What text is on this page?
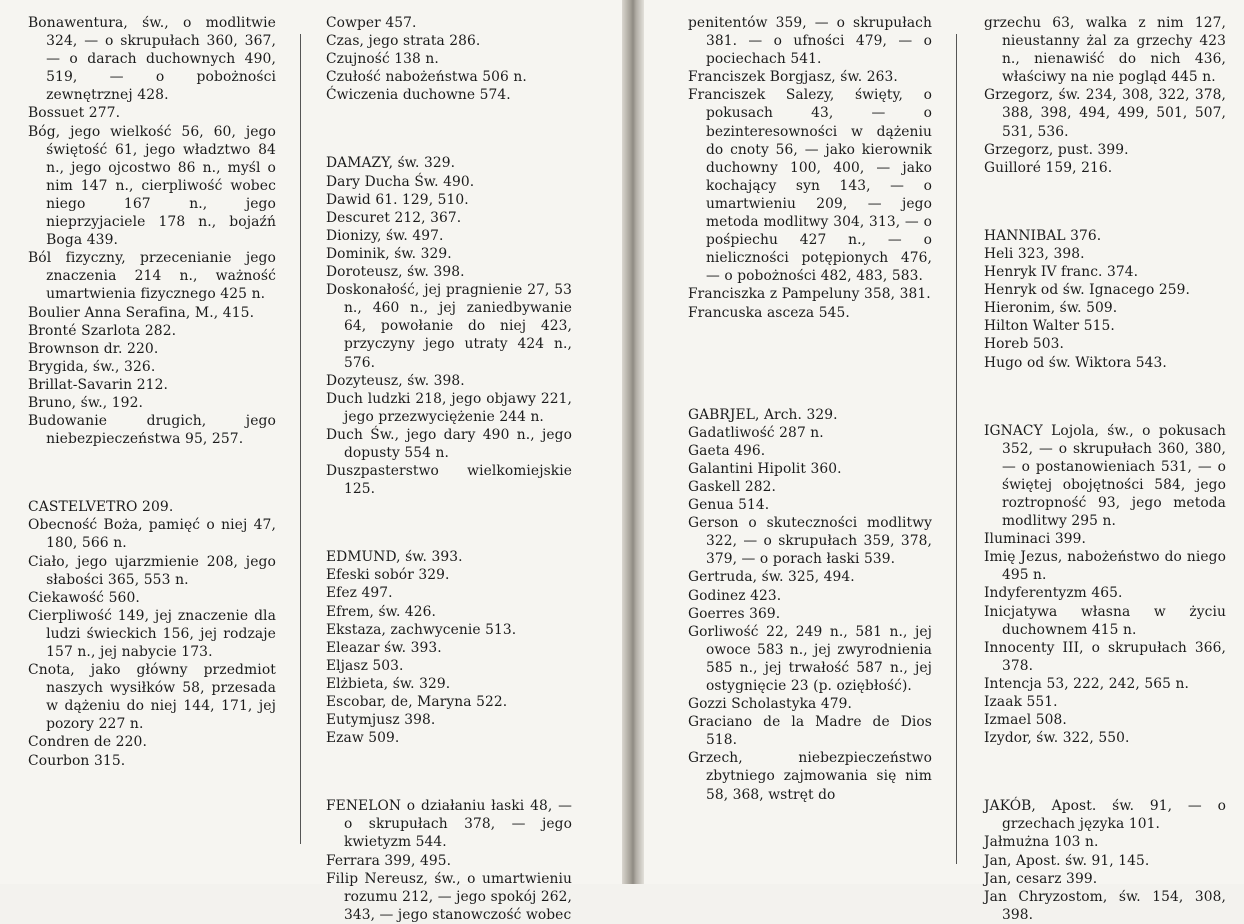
Bonawentura, św., o modlitwie 324, — o skrupułach 360, 367, — o darach duchownych 490, 519, — o pobożności zewnętrznej 428.

Bossuet 277.

Bóg, jego wielkość 56, 60, jego świętość 61, jego władztwo 84 n., jego ojcostwo 86 n., myśl o nim 147 n., cierpliwość wobec niego 167 n., jego nieprzyjaciele 178 n., bojaźń Boga 439.

Ból fizyczny, przecenianie jego znaczenia 214 n., ważność umartwienia fizycznego 425 n.

Boulier Anna Serafina, M., 415.

Bronté Szarlota 282.

Brownson dr. 220.

Brygida, św., 326.

Brillat-Savarin 212.

Bruno, św., 192.

Budowanie drugich, jego niebezpieczeństwa 95, 257.

CASTELVETRO 209.

Obecność Boża, pamięć o niej 47, 180, 566 n.

Ciało, jego ujarzmienie 208, jego słabości 365, 553 n.

Ciekawość 560.

Cierpliwość 149, jej znaczenie dla ludzi świeckich 156, jej rodzaje 157 n., jej nabycie 173.

Cnota, jako główny przedmiot naszych wysiłków 58, przesada w dążeniu do niej 144, 171, jej pozory 227 n.

Condren de 220.

Courbon 315.

Cowper 457.

Czas, jego strata 286.

Czujność 138 n.

Czułość nabożeństwa 506 n.

Ćwiczenia duchowne 574.

DAMAZY, św. 329.

Dary Ducha Św. 490.

Dawid 61. 129, 510.

Descuret 212, 367.

Dionizy, św. 497.

Dominik, św. 329.

Doroteusz, św. 398.

Doskonałość, jej pragnienie 27, 53 n., 460 n., jej zaniedbywanie 64, powołanie do niej 423, przyczyny jego utraty 424 n., 576.

Dozyteusz, św. 398.

Duch ludzki 218, jego objawy 221, jego przezwyciężenie 244 n.

Duch Św., jego dary 490 n., jego dopusty 554 n.

Duszpasterstwo wielkomiejskie 125.

EDMUND, św. 393.

Efeski sobór 329.

Efez 497.

Efrem, św. 426.

Ekstaza, zachwycenie 513.

Eleazar św. 393.

Eljasz 503.

Elżbieta, św. 329.

Escobar, de, Maryna 522.

Eutymjusz 398.

Ezaw 509.

FENELON o działaniu łaski 48, — o skrupułach 378, — jego kwietyzm 544.

Ferrara 399, 495.

Filip Nereusz, św., o umartwieniu rozumu 212, — jego spokój 262, 343, — jego stanowczość wobec

penitentów 359, — o skrupułach 381. — o ufności 479, — o pociechach 541.

Franciszek Borgjasz, św. 263.

Franciszek Salezy, święty, o pokusach 43, — o bezinteresowności w dążeniu do cnoty 56, — jako kierownik duchowny 100, 400, — jako kochający syn 143, — o umartwieniu 209, — jego metoda modlitwy 304, 313, — o pośpiechu 427 n., — o nieliczności potępionych 476, — o pobożności 482, 483, 583.

Franciszka z Pampeluny 358, 381.

Francuska asceza 545.

GABRJEL, Arch. 329.

Gadatliwość 287 n.

Gaeta 496.

Galantini Hipolit 360.

Gaskell 282.

Genua 514.

Gerson o skuteczności modlitwy 322, — o skrupułach 359, 378, 379, — o porach łaski 539.

Gertruda, św. 325, 494.

Godinez 423.

Goerres 369.

Gorliwość 22, 249 n., 581 n., jej owoce 583 n., jej zwyrodnienia 585 n., jej trwałość 587 n., jej ostygnięcie 23 (p. oziębłość).

Gozzi Scholastyka 479.

Graciano de la Madre de Dios 518.

Grzech, niebezpieczeństwo zbytniego zajmowania się nim 58, 368, wstręt do

grzechu 63, walka z nim 127, nieustanny żal za grzechy 423 n., nienawiść do nich 436, właściwy na nie pogląd 445 n.

Grzegorz, św. 234, 308, 322, 378, 388, 398, 494, 499, 501, 507, 531, 536.

Grzegorz, pust. 399.

Guilloré 159, 216.

HANNIBAL 376.

Heli 323, 398.

Henryk IV franc. 374.

Henryk od św. Ignacego 259.

Hieronim, św. 509.

Hilton Walter 515.

Horeb 503.

Hugo od św. Wiktora 543.

IGNACY Lojola, św., o pokusach 352, — o skrupułach 360, 380, — o postanowieniach 531, — o świętej obojętności 584, jego roztropność 93, jego metoda modlitwy 295 n.

Iluminaci 399.

Imię Jezus, nabożeństwo do niego 495 n.

Indyferentyzm 465.

Inicjatywa własna w życiu duchownem 415 n.

Innocenty III, o skrupułach 366, 378.

Intencja 53, 222, 242, 565 n.

Izaak 551.

Izmael 508.

Izydor, św. 322, 550.

JAKÓB, Apost. św. 91, — o grzechach języka 101.

Jałmużna 103 n.

Jan, Apost. św. 91, 145.

Jan, cesarz 399.

Jan Chryzostom, św. 154, 308, 398.
